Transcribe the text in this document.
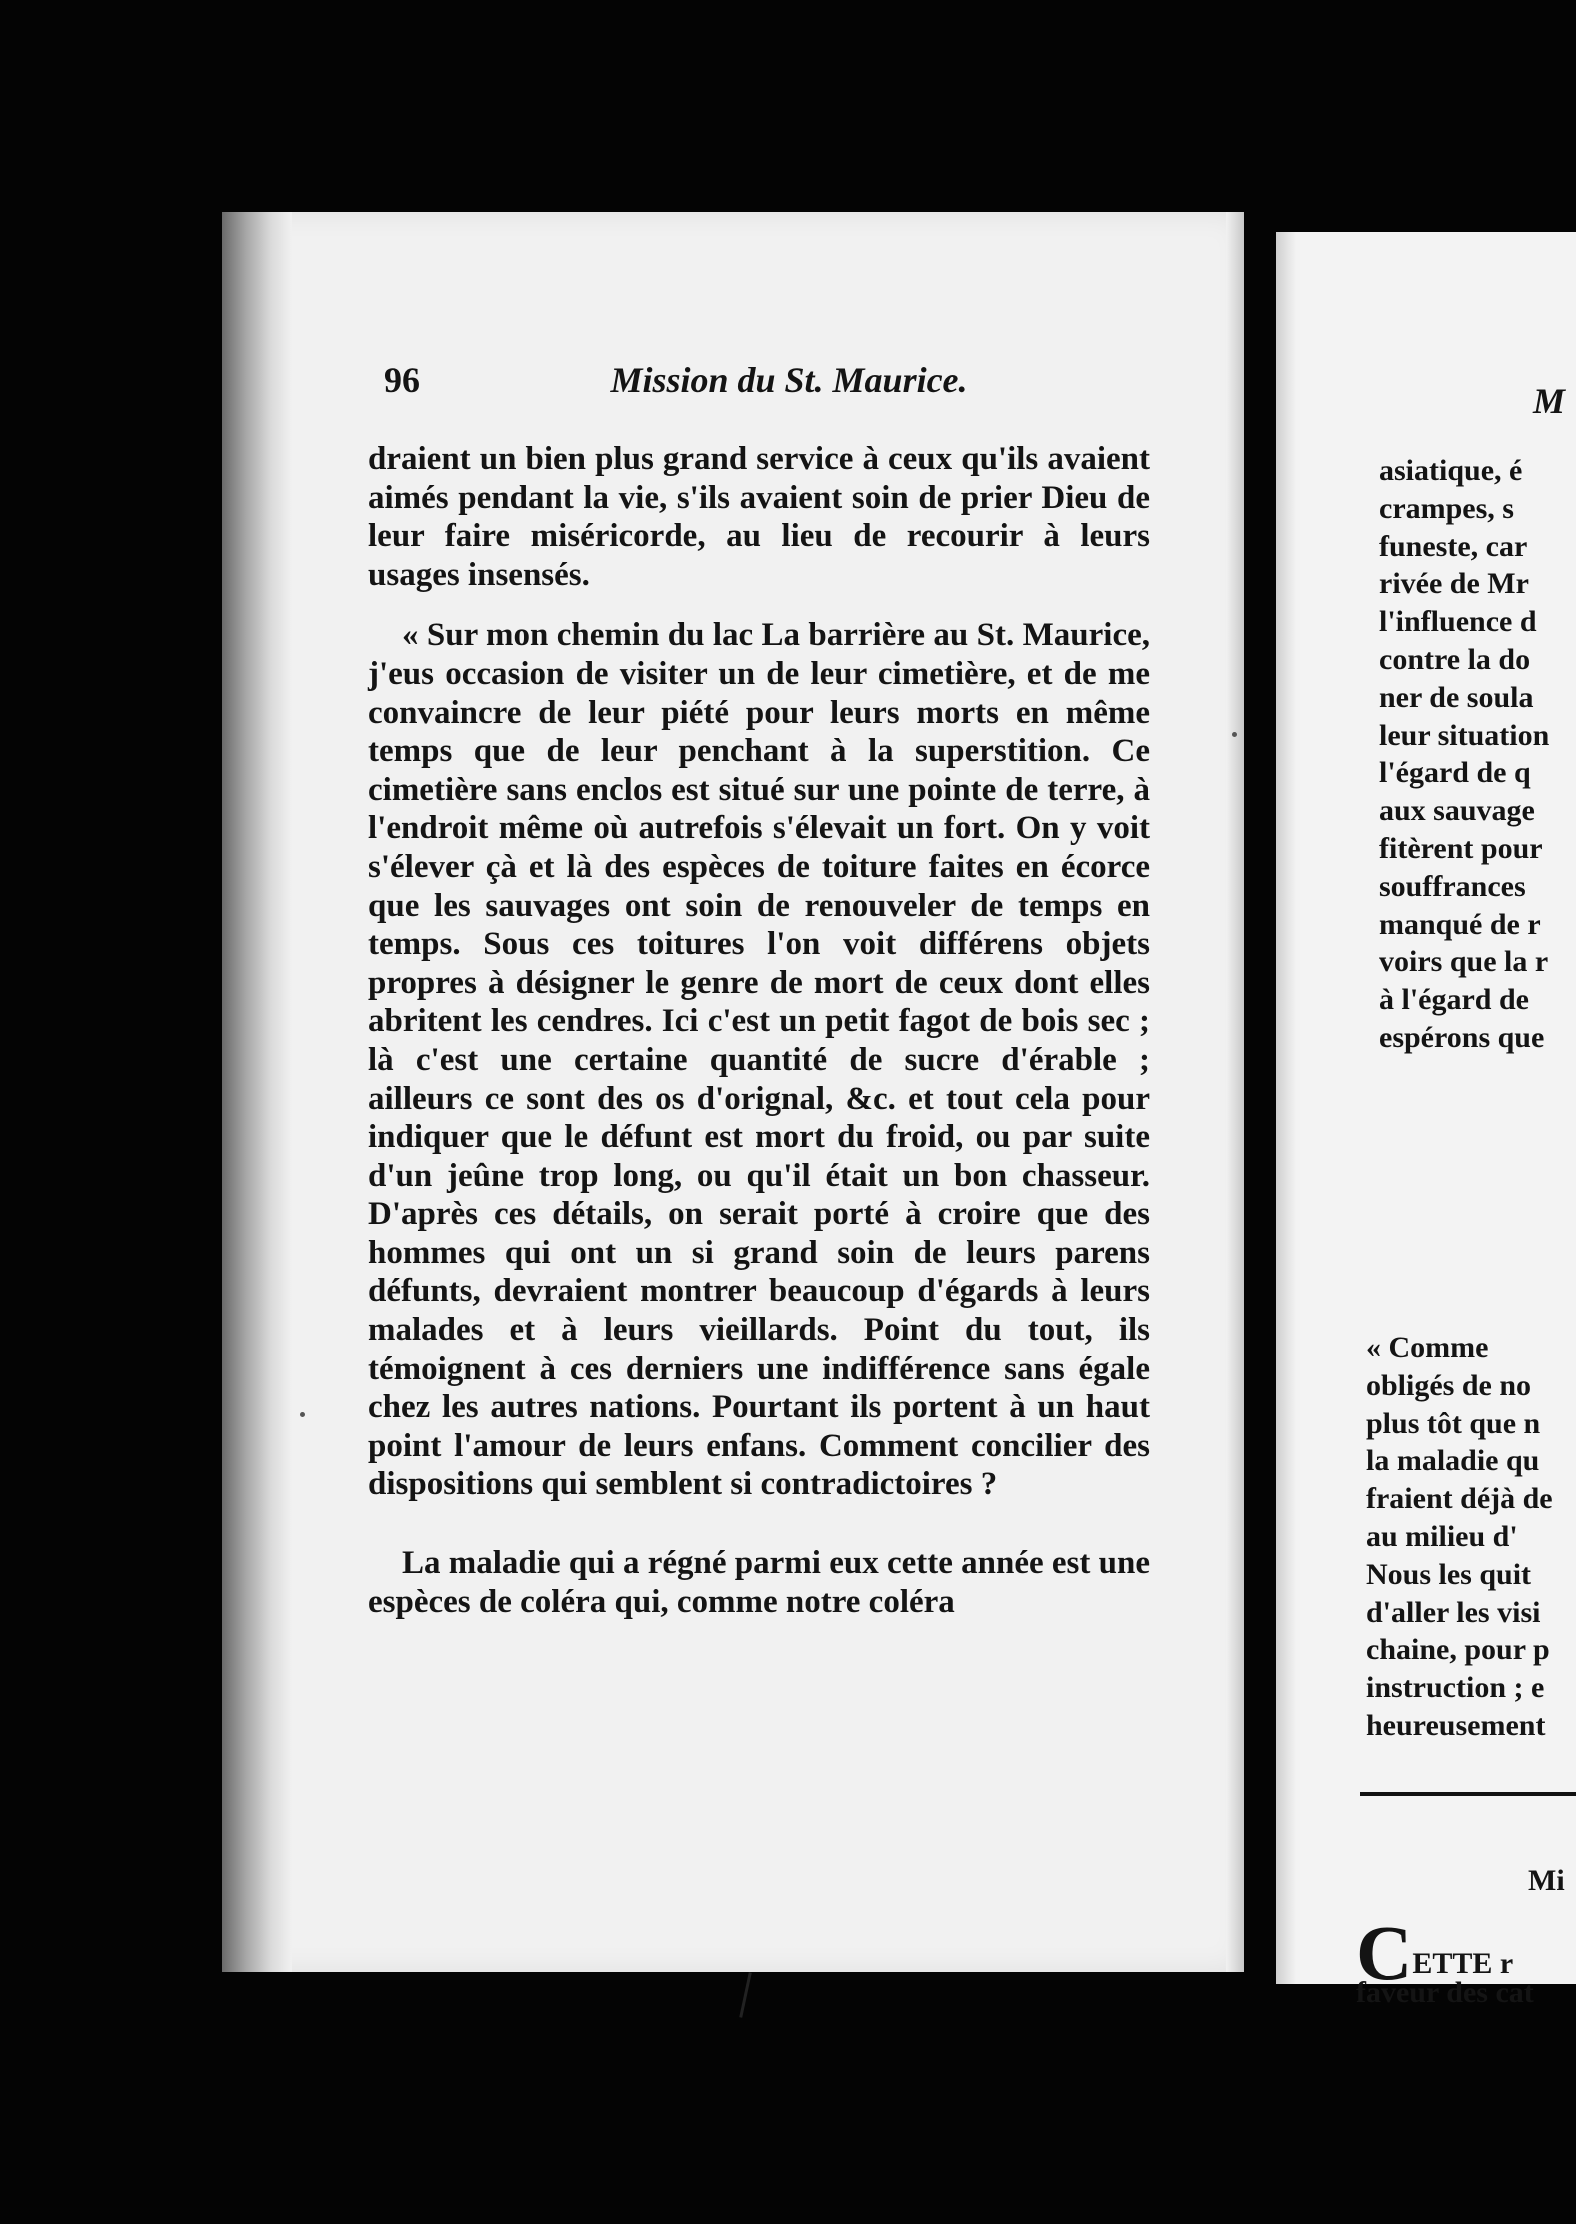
96	Mission du St. Maurice.

draient un bien plus grand service à ceux qu'ils avaient aimés pendant la vie, s'ils avaient soin de prier Dieu de leur faire miséricorde, au lieu de recourir à leurs usages insensés.

« Sur mon chemin du lac La barrière au St. Maurice, j'eus occasion de visiter un de leur cimetière, et de me convaincre de leur piété pour leurs morts en même temps que de leur penchant à la superstition. Ce cimetière sans enclos est situé sur une pointe de terre, à l'endroit même où autrefois s'élevait un fort. On y voit s'élever çà et là des espèces de toiture faites en écorce que les sauvages ont soin de renouveler de temps en temps. Sous ces toitures l'on voit différens objets propres à désigner le genre de mort de ceux dont elles abritent les cendres. Ici c'est un petit fagot de bois sec ; là c'est une certaine quantité de sucre d'érable ; ailleurs ce sont des os d'orignal, &c. et tout cela pour indiquer que le défunt est mort du froid, ou par suite d'un jeûne trop long, ou qu'il était un bon chasseur. D'après ces détails, on serait porté à croire que des hommes qui ont un si grand soin de leurs parens défunts, devraient montrer beaucoup d'égards à leurs malades et à leurs vieillards. Point du tout, ils témoignent à ces derniers une indifférence sans égale chez les autres nations. Pourtant ils portent à un haut point l'amour de leurs enfans. Comment concilier des dispositions qui semblent si contradictoires ?

La maladie qui a régné parmi eux cette année est une espèces de coléra qui, comme notre coléra

M
asiatique, é
crampes, s
funeste, car
rivée de Mr
l'influence d
contre la do
ner de soula
leur situation
l'égard de q
aux sauvage
fitèrent pour
souffrances
manqué de r
voirs que la r
à l'égard de
espérons que
« Comme
obligés de no
plus tôt que n
la maladie qu
fraient déjà de
au milieu d'
Nous les quit
d'aller les visi
chaine, pour p
instruction ; e
heureusement
Mi
CETTE r
faveur des cat
